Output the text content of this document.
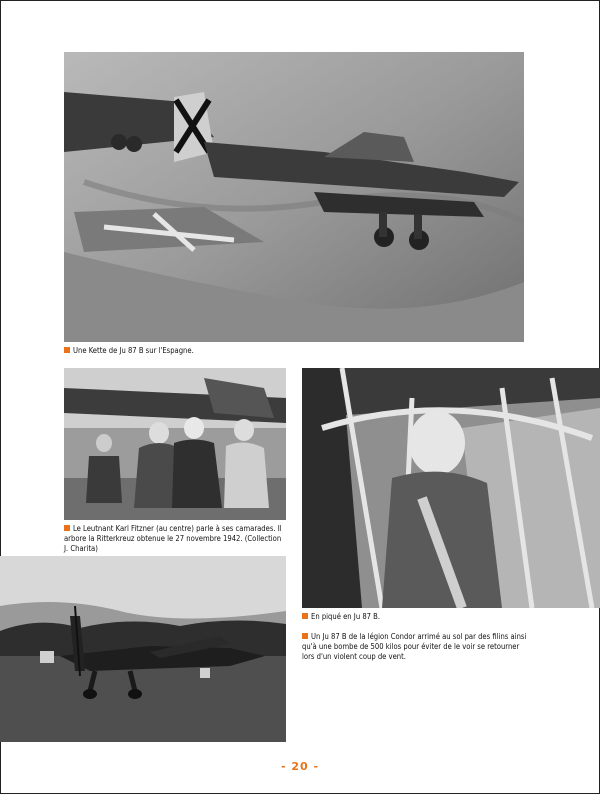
Une Kette de Ju 87 B sur l'Espagne.
Le Leutnant Karl Fitzner (au centre) parle à ses camarades. Il arbore la Ritterkreuz obtenue le 27 novembre 1942. (Collection J. Charita)
En piqué en Ju 87 B.
Un Ju 87 B de la légion Condor arrimé au sol par des filins ainsi qu'à une bombe de 500 kilos pour éviter de le voir se retourner lors d'un violent coup de vent.
- 20 -
